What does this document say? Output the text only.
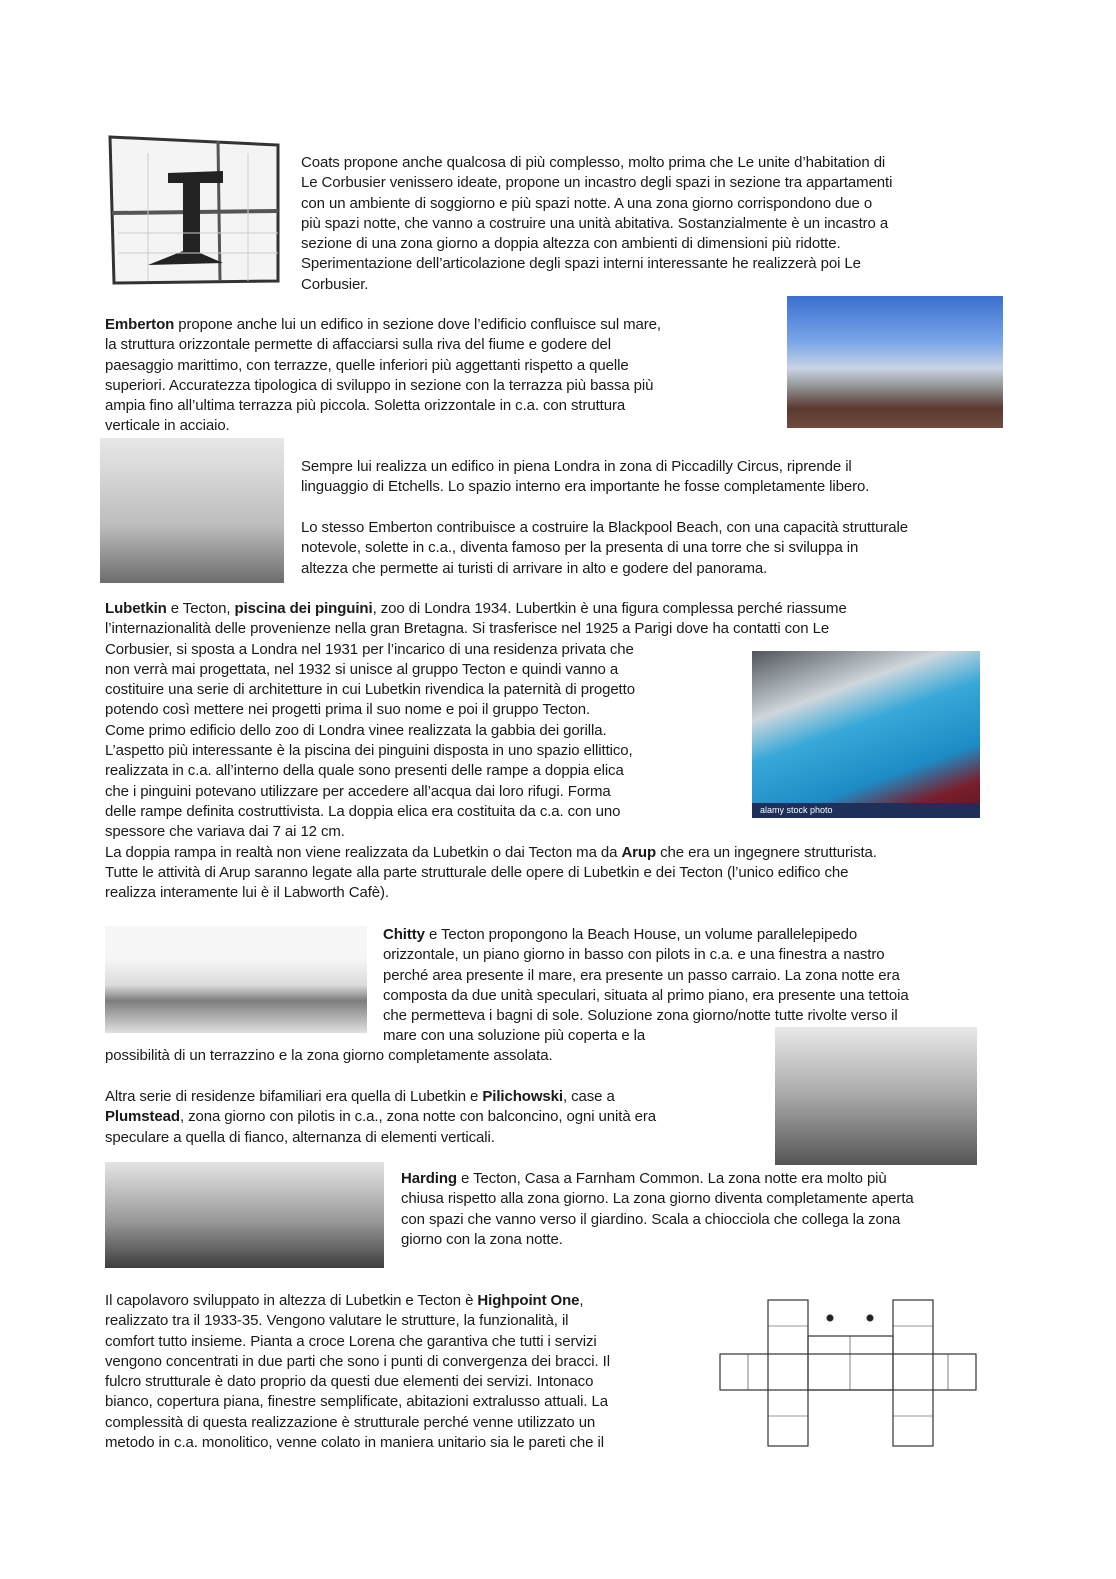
Coats propone anche qualcosa di più complesso, molto prima che Le unite d’habitation di
Le Corbusier venissero ideate, propone un incastro degli spazi in sezione tra appartamenti
con un ambiente di soggiorno e più spazi notte. A una zona giorno corrispondono due o
più spazi notte, che vanno a costruire una unità abitativa. Sostanzialmente è un incastro a
sezione di una zona giorno a doppia altezza con ambienti di dimensioni più ridotte.
Sperimentazione dell’articolazione degli spazi interni interessante he realizzerà poi Le
Corbusier.
Emberton propone anche lui un edifico in sezione dove l’edificio confluisce sul mare,
la struttura orizzontale permette di affacciarsi sulla riva del fiume e godere del
paesaggio marittimo, con terrazze, quelle inferiori più aggettanti rispetto a quelle
superiori. Accuratezza tipologica di sviluppo in sezione con la terrazza più bassa più
ampia fino all’ultima terrazza più piccola. Soletta orizzontale in c.a. con struttura
verticale in acciaio.
Sempre lui realizza un edifico in piena Londra in zona di Piccadilly Circus, riprende il
linguaggio di Etchells. Lo spazio interno era importante he fosse completamente libero.
Lo stesso Emberton contribuisce a costruire la Blackpool Beach, con una capacità strutturale
notevole, solette in c.a., diventa famoso per la presenta di una torre che si sviluppa in
altezza che permette ai turisti di arrivare in alto e godere del panorama.
Lubetkin e Tecton, piscina dei pinguini, zoo di Londra 1934. Lubertkin è una figura complessa perché riassume
l’internazionalità delle provenienze nella gran Bretagna. Si trasferisce nel 1925 a Parigi dove ha contatti con Le
Corbusier, si sposta a Londra nel 1931 per l’incarico di una residenza privata che
non verrà mai progettata, nel 1932 si unisce al gruppo Tecton e quindi vanno a
costituire una serie di architetture in cui Lubetkin rivendica la paternità di progetto
potendo così mettere nei progetti prima il suo nome e poi il gruppo Tecton.
Come primo edificio dello zoo di Londra vinee realizzata la gabbia dei gorilla.
L’aspetto più interessante è la piscina dei pinguini disposta in uno spazio ellittico,
realizzata in c.a. all’interno della quale sono presenti delle rampe a doppia elica
che i pinguini potevano utilizzare per accedere all’acqua dai loro rifugi. Forma
delle rampe definita costruttivista. La doppia elica era costituita da c.a. con uno
spessore che variava dai 7 ai 12 cm.
La doppia rampa in realtà non viene realizzata da Lubetkin o dai Tecton ma da Arup che era un ingegnere strutturista.
Tutte le attività di Arup saranno legate alla parte strutturale delle opere di Lubetkin e dei Tecton (l’unico edifico che
realizza interamente lui è il Labworth Cafè).
Chitty e Tecton propongono la Beach House, un volume parallelepipedo
orizzontale, un piano giorno in basso con pilots in c.a. e una finestra a nastro
perché area presente il mare, era presente un passo carraio. La zona notte era
composta da due unità speculari, situata al primo piano, era presente una tettoia
che permetteva i bagni di sole. Soluzione zona giorno/notte tutte rivolte verso il
mare con una soluzione più coperta e la
possibilità di un terrazzino e la zona giorno completamente assolata.
Altra serie di residenze bifamiliari era quella di Lubetkin e Pilichowski, case a
Plumstead, zona giorno con pilotis in c.a., zona notte con balconcino, ogni unità era
speculare a quella di fianco, alternanza di elementi verticali.
Harding e Tecton, Casa a Farnham Common. La zona notte era molto più
chiusa rispetto alla zona giorno. La zona giorno diventa completamente aperta
con spazi che vanno verso il giardino. Scala a chiocciola che collega la zona
giorno con la zona notte.
Il capolavoro sviluppato in altezza di Lubetkin e Tecton è Highpoint One,
realizzato tra il 1933-35. Vengono valutare le strutture, la funzionalità, il
comfort tutto insieme. Pianta a croce Lorena che garantiva che tutti i servizi
vengono concentrati in due parti che sono i punti di convergenza dei bracci. Il
fulcro strutturale è dato proprio da questi due elementi dei servizi. Intonaco
bianco, copertura piana, finestre semplificate, abitazioni extralusso attuali. La
complessità di questa realizzazione è strutturale perché venne utilizzato un
metodo in c.a. monolitico, venne colato in maniera unitario sia le pareti che il
alamy stock photo
